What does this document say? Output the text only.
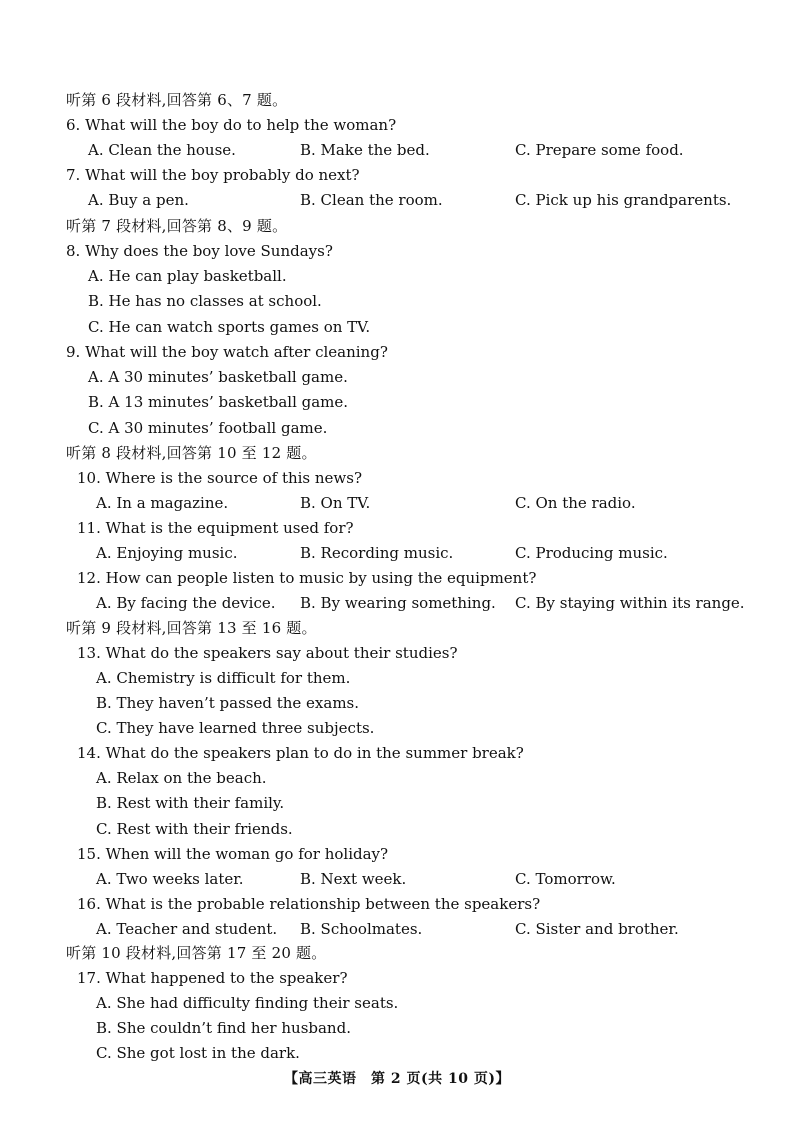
听第 6 段材料,回答第 6、7 题。
6. What will the boy do to help the woman?
A. Clean the house.	B. Make the bed.	C. Prepare some food.
7. What will the boy probably do next?
A. Buy a pen.	B. Clean the room.	C. Pick up his grandparents.
听第 7 段材料,回答第 8、9 题。
8. Why does the boy love Sundays?
A. He can play basketball.
B. He has no classes at school.
C. He can watch sports games on TV.
9. What will the boy watch after cleaning?
A. A 30 minutes’ basketball game.
B. A 13 minutes’ basketball game.
C. A 30 minutes’ football game.
听第 8 段材料,回答第 10 至 12 题。
10. Where is the source of this news?
A. In a magazine.	B. On TV.	C. On the radio.
11. What is the equipment used for?
A. Enjoying music.	B. Recording music.	C. Producing music.
12. How can people listen to music by using the equipment?
A. By facing the device. B. By wearing something. C. By staying within its range.
听第 9 段材料,回答第 13 至 16 题。
13. What do the speakers say about their studies?
A. Chemistry is difficult for them.
B. They haven’t passed the exams.
C. They have learned three subjects.
14. What do the speakers plan to do in the summer break?
A. Relax on the beach.
B. Rest with their family.
C. Rest with their friends.
15. When will the woman go for holiday?
A. Two weeks later.	B. Next week.	C. Tomorrow.
16. What is the probable relationship between the speakers?
A. Teacher and student. B. Schoolmates.	C. Sister and brother.
听第 10 段材料,回答第 17 至 20 题。
17. What happened to the speaker?
A. She had difficulty finding their seats.
B. She couldn’t find her husband.
C. She got lost in the dark.
【高三英语　第 2 页(共 10 页)】
